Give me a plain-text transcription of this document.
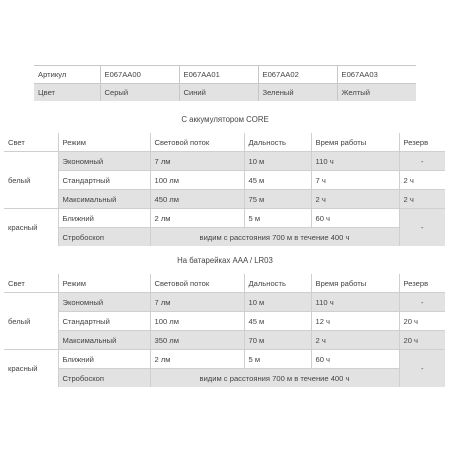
Артикул	E067AA00	E067AA01	E067AA02	E067AA03
Цвет	Серый	Синий	Зеленый	Желтый
С аккумулятором CORE
Свет	Режим	Световой поток	Дальность	Время работы	Резерв
белый	Экономный	7 лм	10 м	110 ч	-
	Стандартный	100 лм	45 м	7 ч	2 ч
	Максимальный	450 лм	75 м	2 ч	2 ч
красный	Ближний	2 лм	5 м	60 ч	-
	Стробоскоп	видим с расстояния 700 м в течение 400 ч			
На батарейках AAA / LR03
Свет	Режим	Световой поток	Дальность	Время работы	Резерв
белый	Экономный	7 лм	10 м	110 ч	-
	Стандартный	100 лм	45 м	12 ч	20 ч
	Максимальный	350 лм	70 м	2 ч	20 ч
красный	Ближний	2 лм	5 м	60 ч	-
	Стробоскоп	видим с расстояния 700 м в течение 400 ч			
